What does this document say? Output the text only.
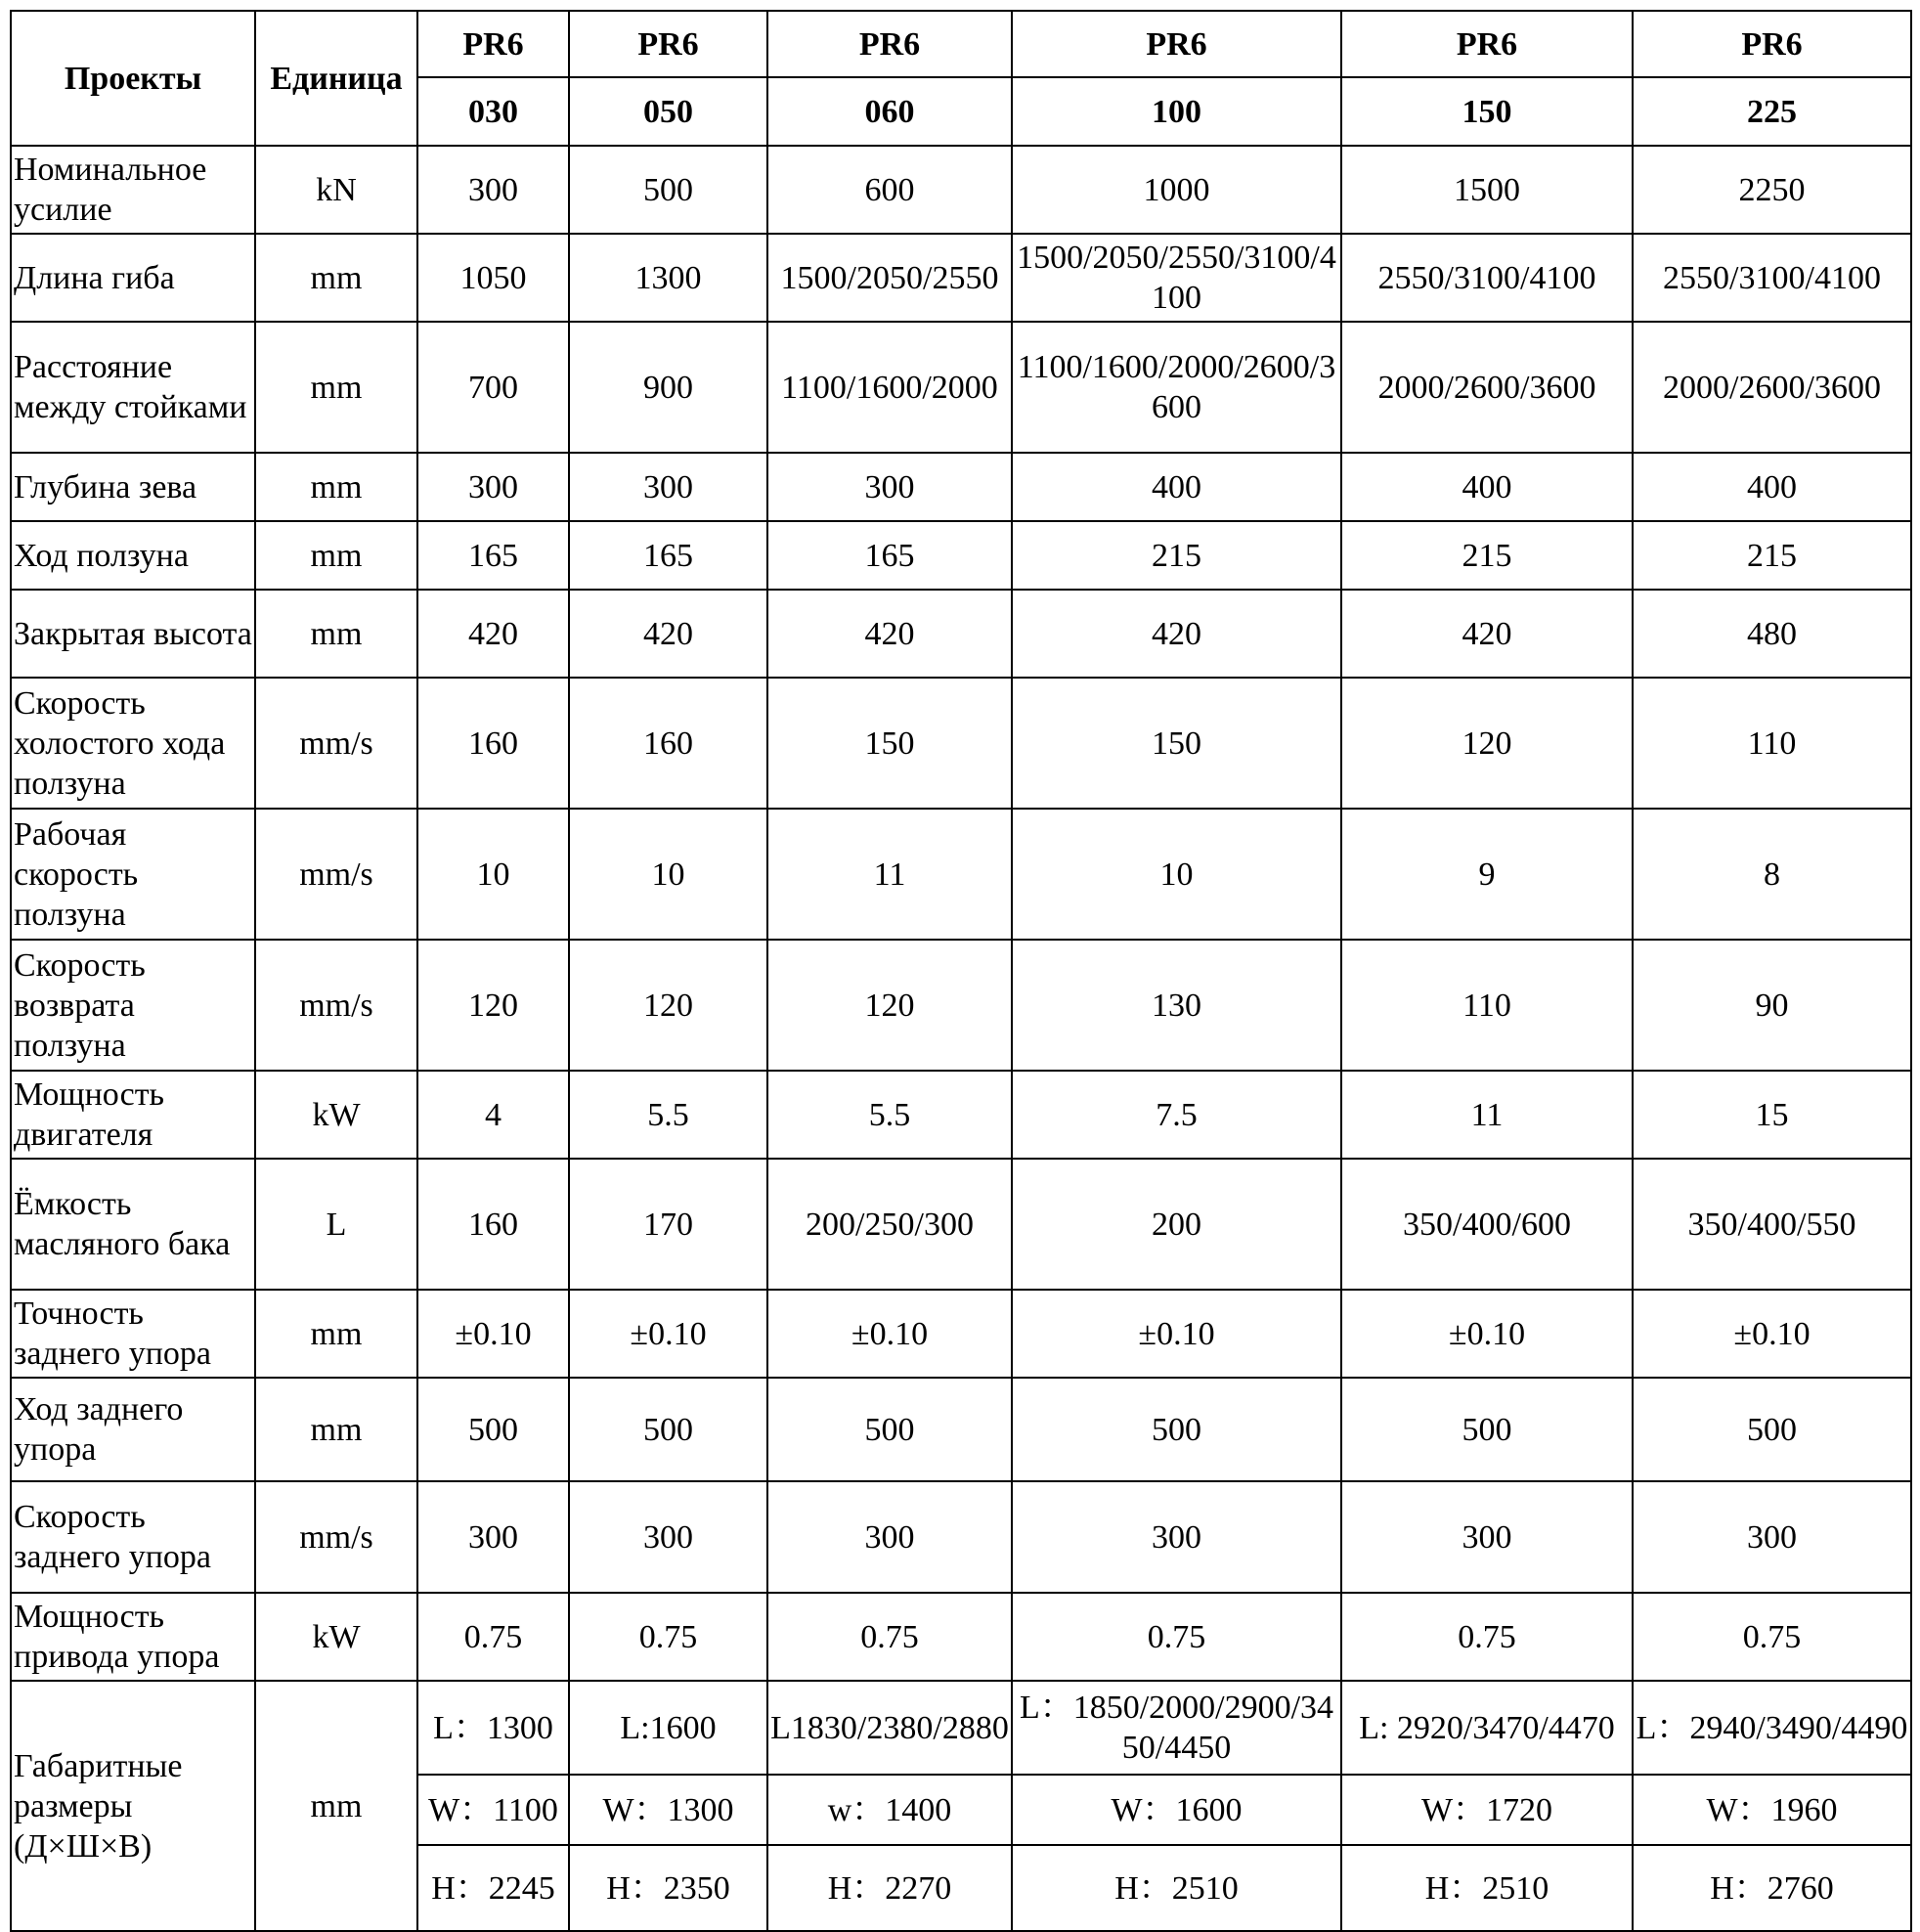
Проекты	Единица	PR6	PR6	PR6	PR6	PR6	PR6
		030	050	060	100	150	225
Номинальное усилие	kN	300	500	600	1000	1500	2250
Длина гиба	mm	1050	1300	1500/2050/2550	1500/2050/2550/3100/4100	2550/3100/4100	2550/3100/4100
Расстояние между стойками	mm	700	900	1100/1600/2000	1100/1600/2000/2600/3600	2000/2600/3600	2000/2600/3600
Глубина зева	mm	300	300	300	400	400	400
Ход ползуна	mm	165	165	165	215	215	215
Закрытая высота	mm	420	420	420	420	420	480
Скорость холостого хода ползуна	mm/s	160	160	150	150	120	110
Рабочая скорость ползуна	mm/s	10	10	11	10	9	8
Скорость возврата ползуна	mm/s	120	120	120	130	110	90
Мощность двигателя	kW	4	5.5	5.5	7.5	11	15
Ёмкость масляного бака	L	160	170	200/250/300	200	350/400/600	350/400/550
Точность заднего упора	mm	±0.10	±0.10	±0.10	±0.10	±0.10	±0.10
Ход заднего упора	mm	500	500	500	500	500	500
Скорость заднего упора	mm/s	300	300	300	300	300	300
Мощность привода упора	kW	0.75	0.75	0.75	0.75	0.75	0.75
Габаритные размеры (Д×Ш×В)	mm	L：1300	L:1600	L1830/2380/2880	L：1850/2000/2900/3450/4450	L: 2920/3470/4470	L：2940/3490/4490
		W：1100	W：1300	w：1400	W：1600	W：1720	W：1960
		H：2245	H：2350	H：2270	H：2510	H：2510	H：2760
